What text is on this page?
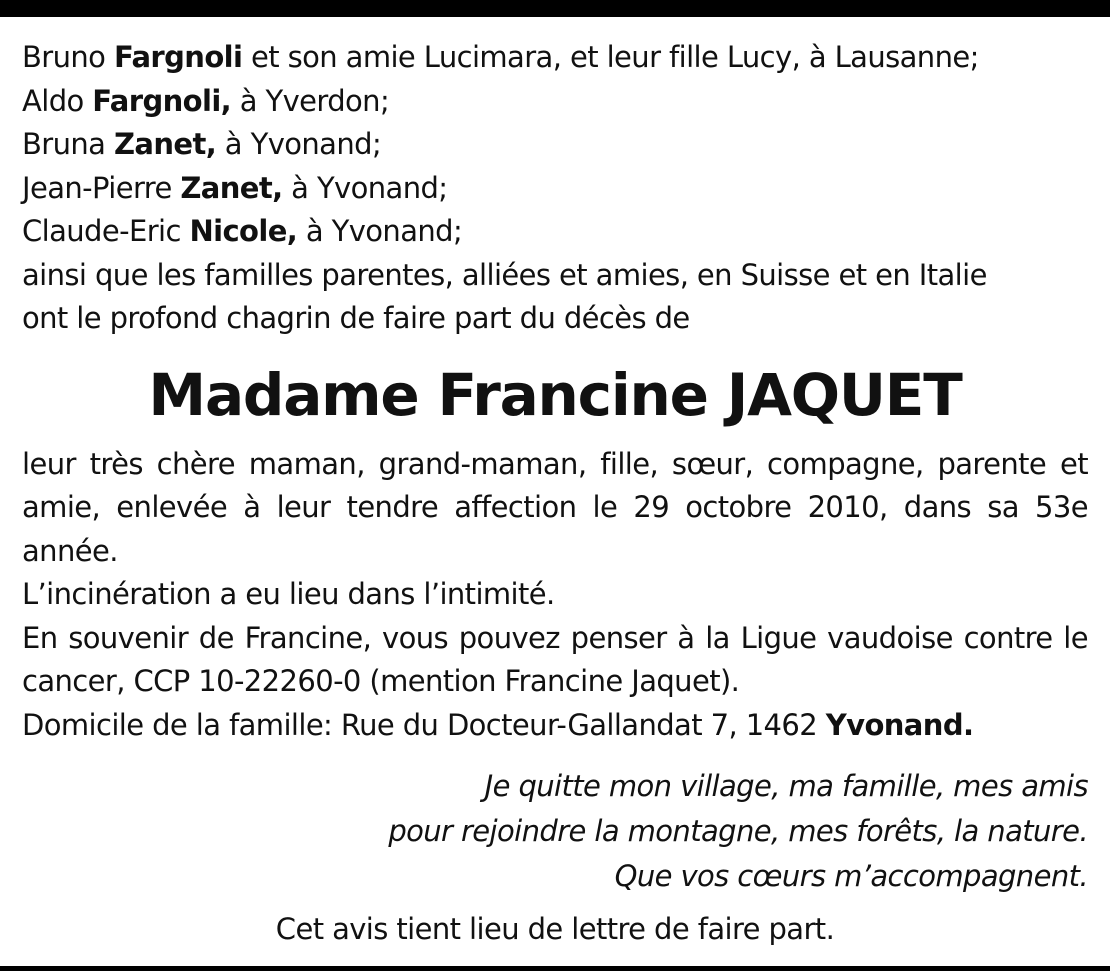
Bruno Fargnoli et son amie Lucimara, et leur fille Lucy, à Lausanne;
Aldo Fargnoli, à Yverdon;
Bruna Zanet, à Yvonand;
Jean-Pierre Zanet, à Yvonand;
Claude-Eric Nicole, à Yvonand;
ainsi que les familles parentes, alliées et amies, en Suisse et en Italie
ont le profond chagrin de faire part du décès de
Madame Francine JAQUET
leur très chère maman, grand-maman, fille, sœur, compagne, parente et amie, enlevée à leur tendre affection le 29 octobre 2010, dans sa 53e année.
L’incinération a eu lieu dans l’intimité.
En souvenir de Francine, vous pouvez penser à la Ligue vaudoise contre le cancer, CCP 10-22260-0 (mention Francine Jaquet).
Domicile de la famille: Rue du Docteur-Gallandat 7, 1462 Yvonand.
Je quitte mon village, ma famille, mes amis
pour rejoindre la montagne, mes forêts, la nature.
Que vos cœurs m’accompagnent.
Cet avis tient lieu de lettre de faire part.
